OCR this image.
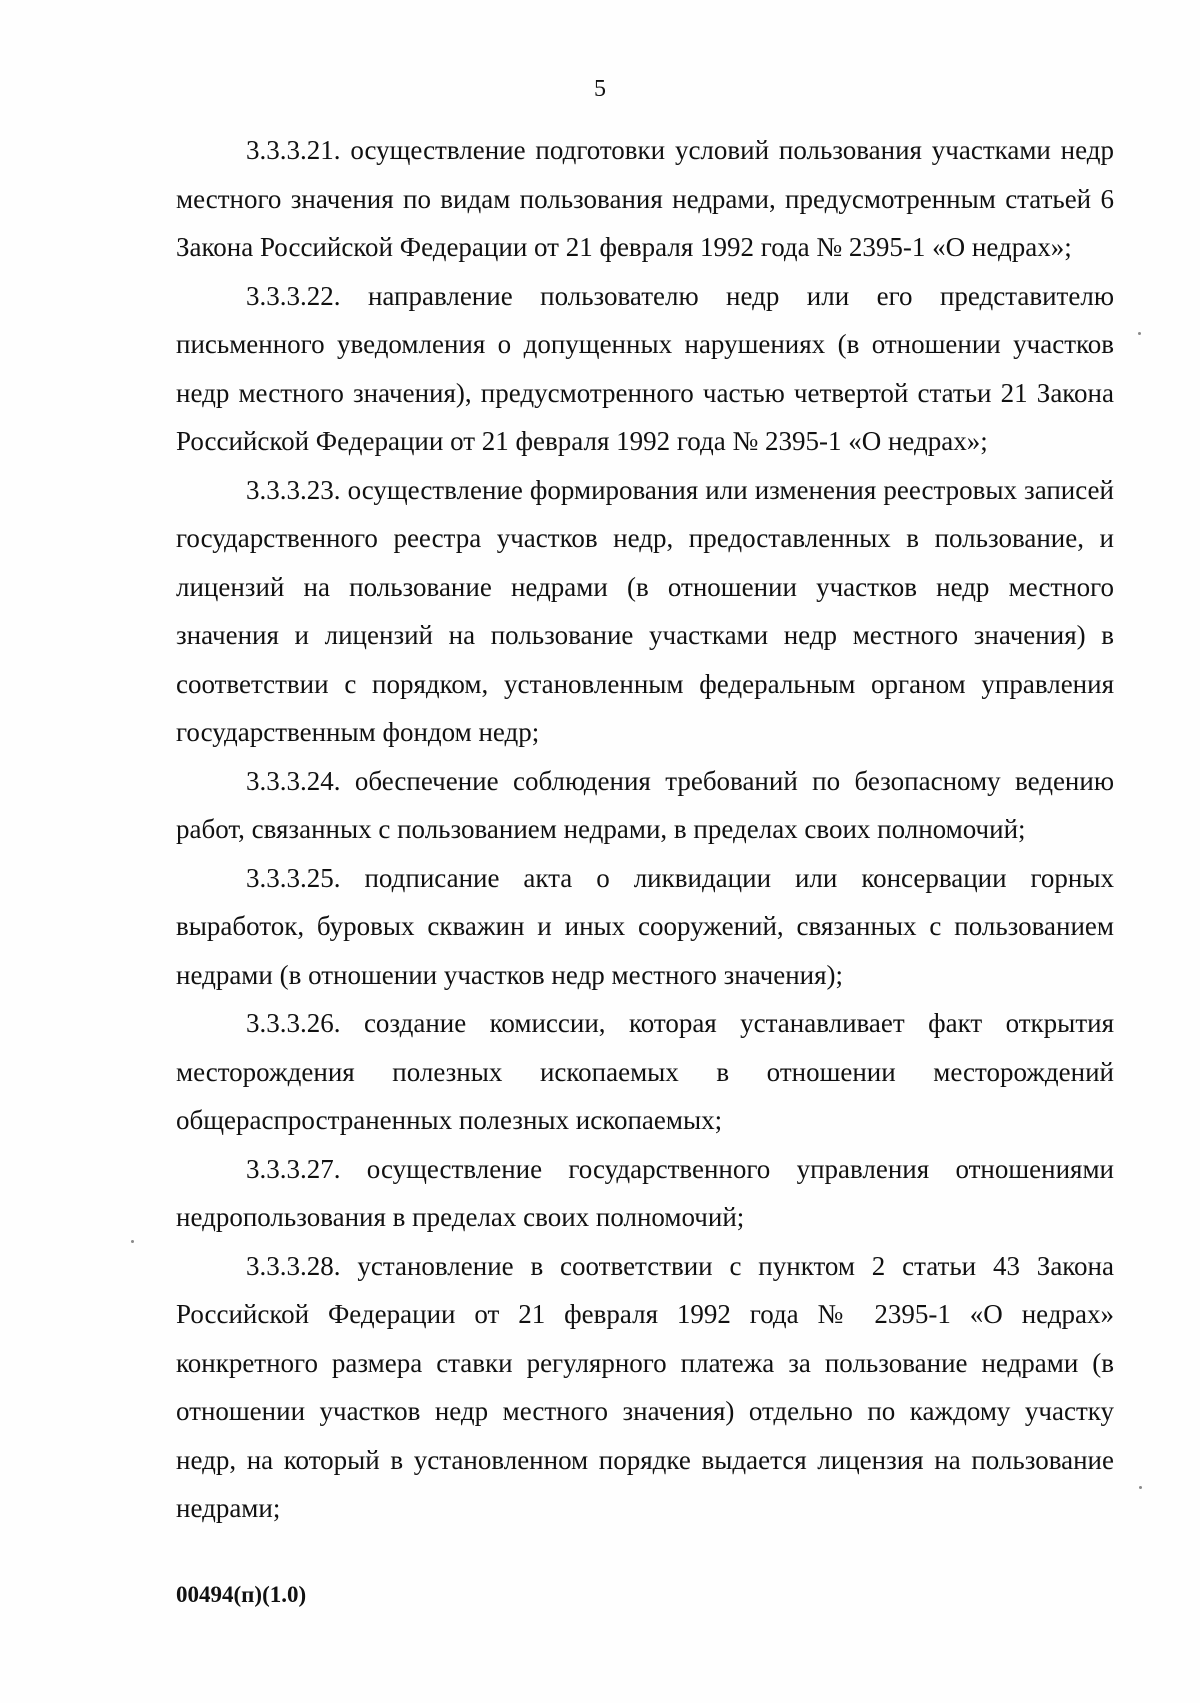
5

3.3.3.21. осуществление подготовки условий пользования участками недр местного значения по видам пользования недрами, предусмотренным статьей 6 Закона Российской Федерации от 21 февраля 1992 года № 2395-1 «О недрах»;

3.3.3.22. направление пользователю недр или его представителю письменного уведомления о допущенных нарушениях (в отношении участков недр местного значения), предусмотренного частью четвертой статьи 21 Закона Российской Федерации от 21 февраля 1992 года № 2395-1 «О недрах»;

3.3.3.23. осуществление формирования или изменения реестровых записей государственного реестра участков недр, предоставленных в пользование, и лицензий на пользование недрами (в отношении участков недр местного значения и лицензий на пользование участками недр местного значения) в соответствии с порядком, установленным федеральным органом управления государственным фондом недр;

3.3.3.24. обеспечение соблюдения требований по безопасному ведению работ, связанных с пользованием недрами, в пределах своих полномочий;

3.3.3.25. подписание акта о ликвидации или консервации горных выработок, буровых скважин и иных сооружений, связанных с пользованием недрами (в отношении участков недр местного значения);

3.3.3.26. создание комиссии, которая устанавливает факт открытия месторождения полезных ископаемых в отношении месторождений общераспространенных полезных ископаемых;

3.3.3.27. осуществление государственного управления отношениями недропользования в пределах своих полномочий;

3.3.3.28. установление в соответствии с пунктом 2 статьи 43 Закона Российской Федерации от 21 февраля 1992 года № 2395-1 «О недрах» конкретного размера ставки регулярного платежа за пользование недрами (в отношении участков недр местного значения) отдельно по каждому участку недр, на который в установленном порядке выдается лицензия на пользование недрами;

00494(п)(1.0)
